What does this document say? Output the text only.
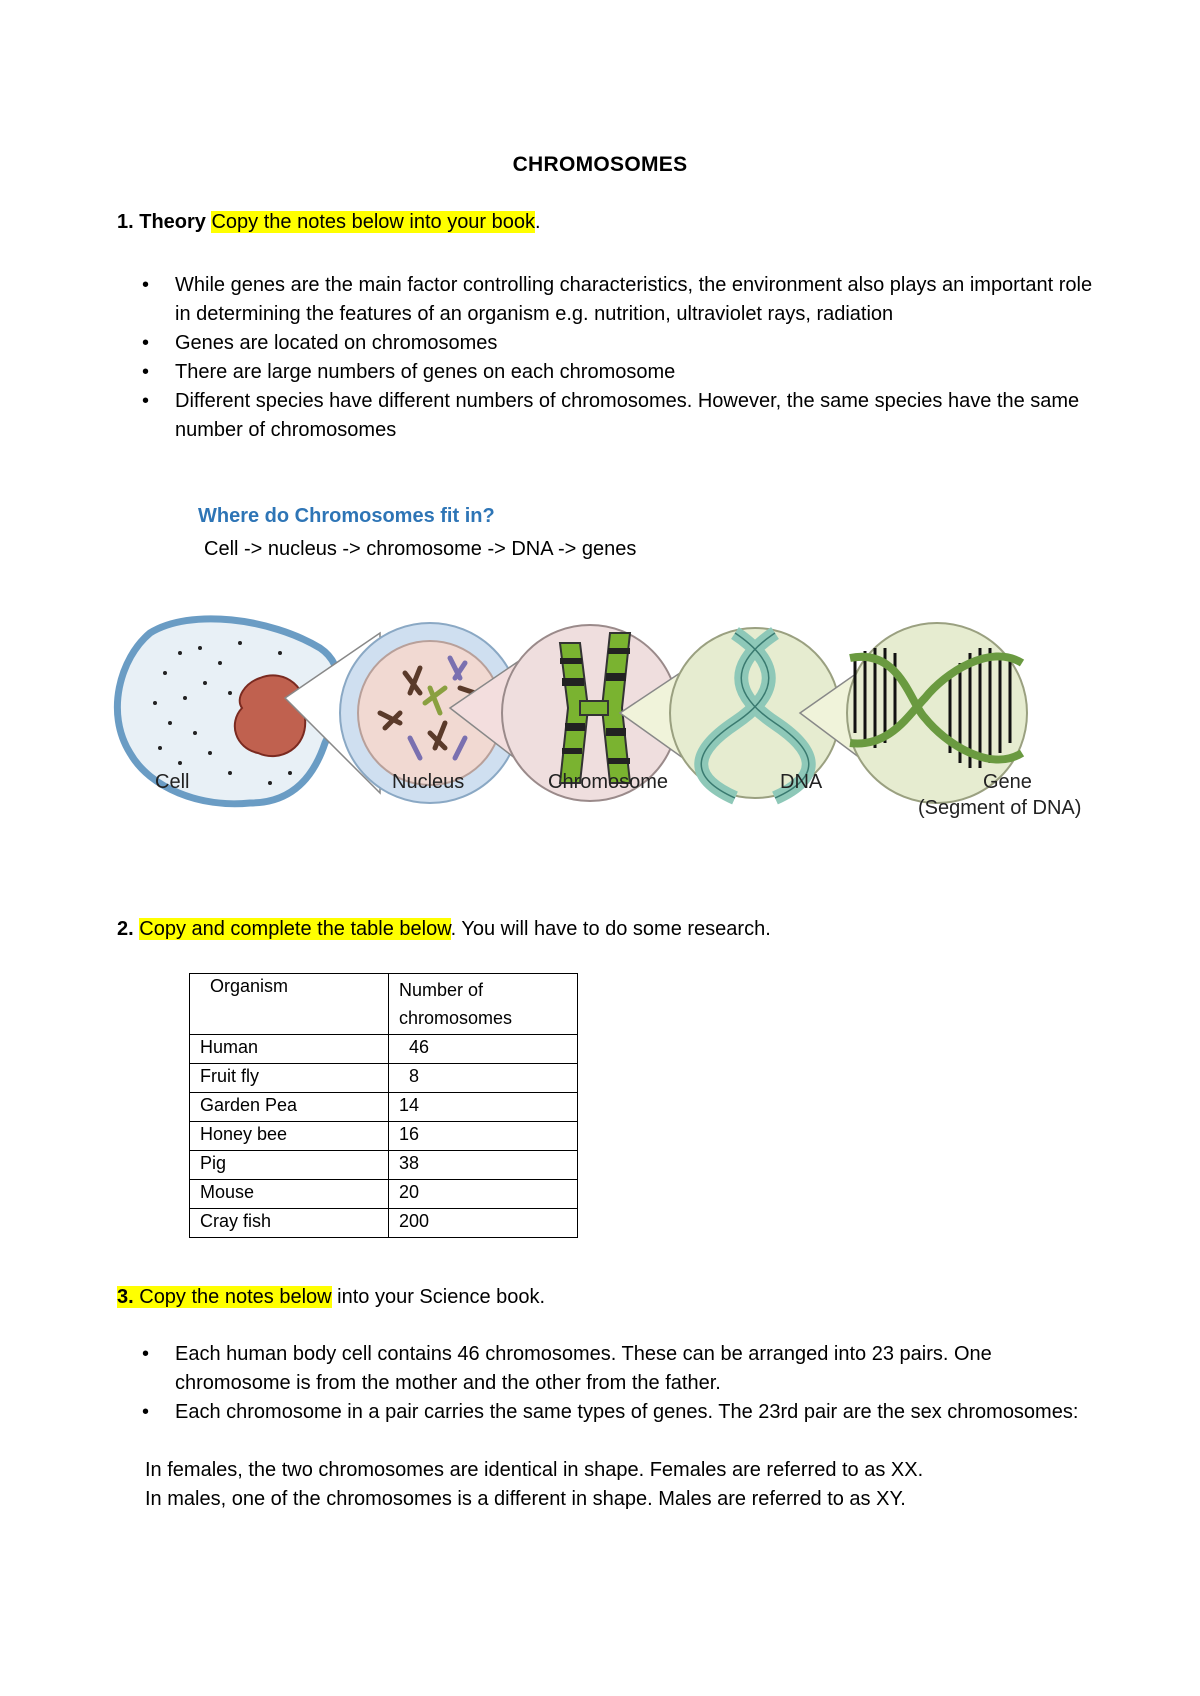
CHROMOSOMES
1. Theory Copy the notes below into your book.
• While genes are the main factor controlling characteristics, the environment also plays an important role in determining the features of an organism e.g. nutrition, ultraviolet rays, radiation
• Genes are located on chromosomes
• There are large numbers of genes on each chromosome
• Different species have different numbers of chromosomes. However, the same species have the same number of chromosomes
Where do Chromosomes fit in?
Cell -> nucleus -> chromosome -> DNA -> genes
Cell	Nucleus	Chromosome	DNA	Gene
(Segment of DNA)
2. Copy and complete the table below. You will have to do some research.
Organism	Number of chromosomes
Human	46
Fruit fly	8
Garden Pea	14
Honey bee	16
Pig	38
Mouse	20
Cray fish	200
3. Copy the notes below into your Science book.
• Each human body cell contains 46 chromosomes. These can be arranged into 23 pairs. One chromosome is from the mother and the other from the father.
• Each chromosome in a pair carries the same types of genes. The 23rd pair are the sex chromosomes:
In females, the two chromosomes are identical in shape. Females are referred to as XX.
In males, one of the chromosomes is a different in shape. Males are referred to as XY.
